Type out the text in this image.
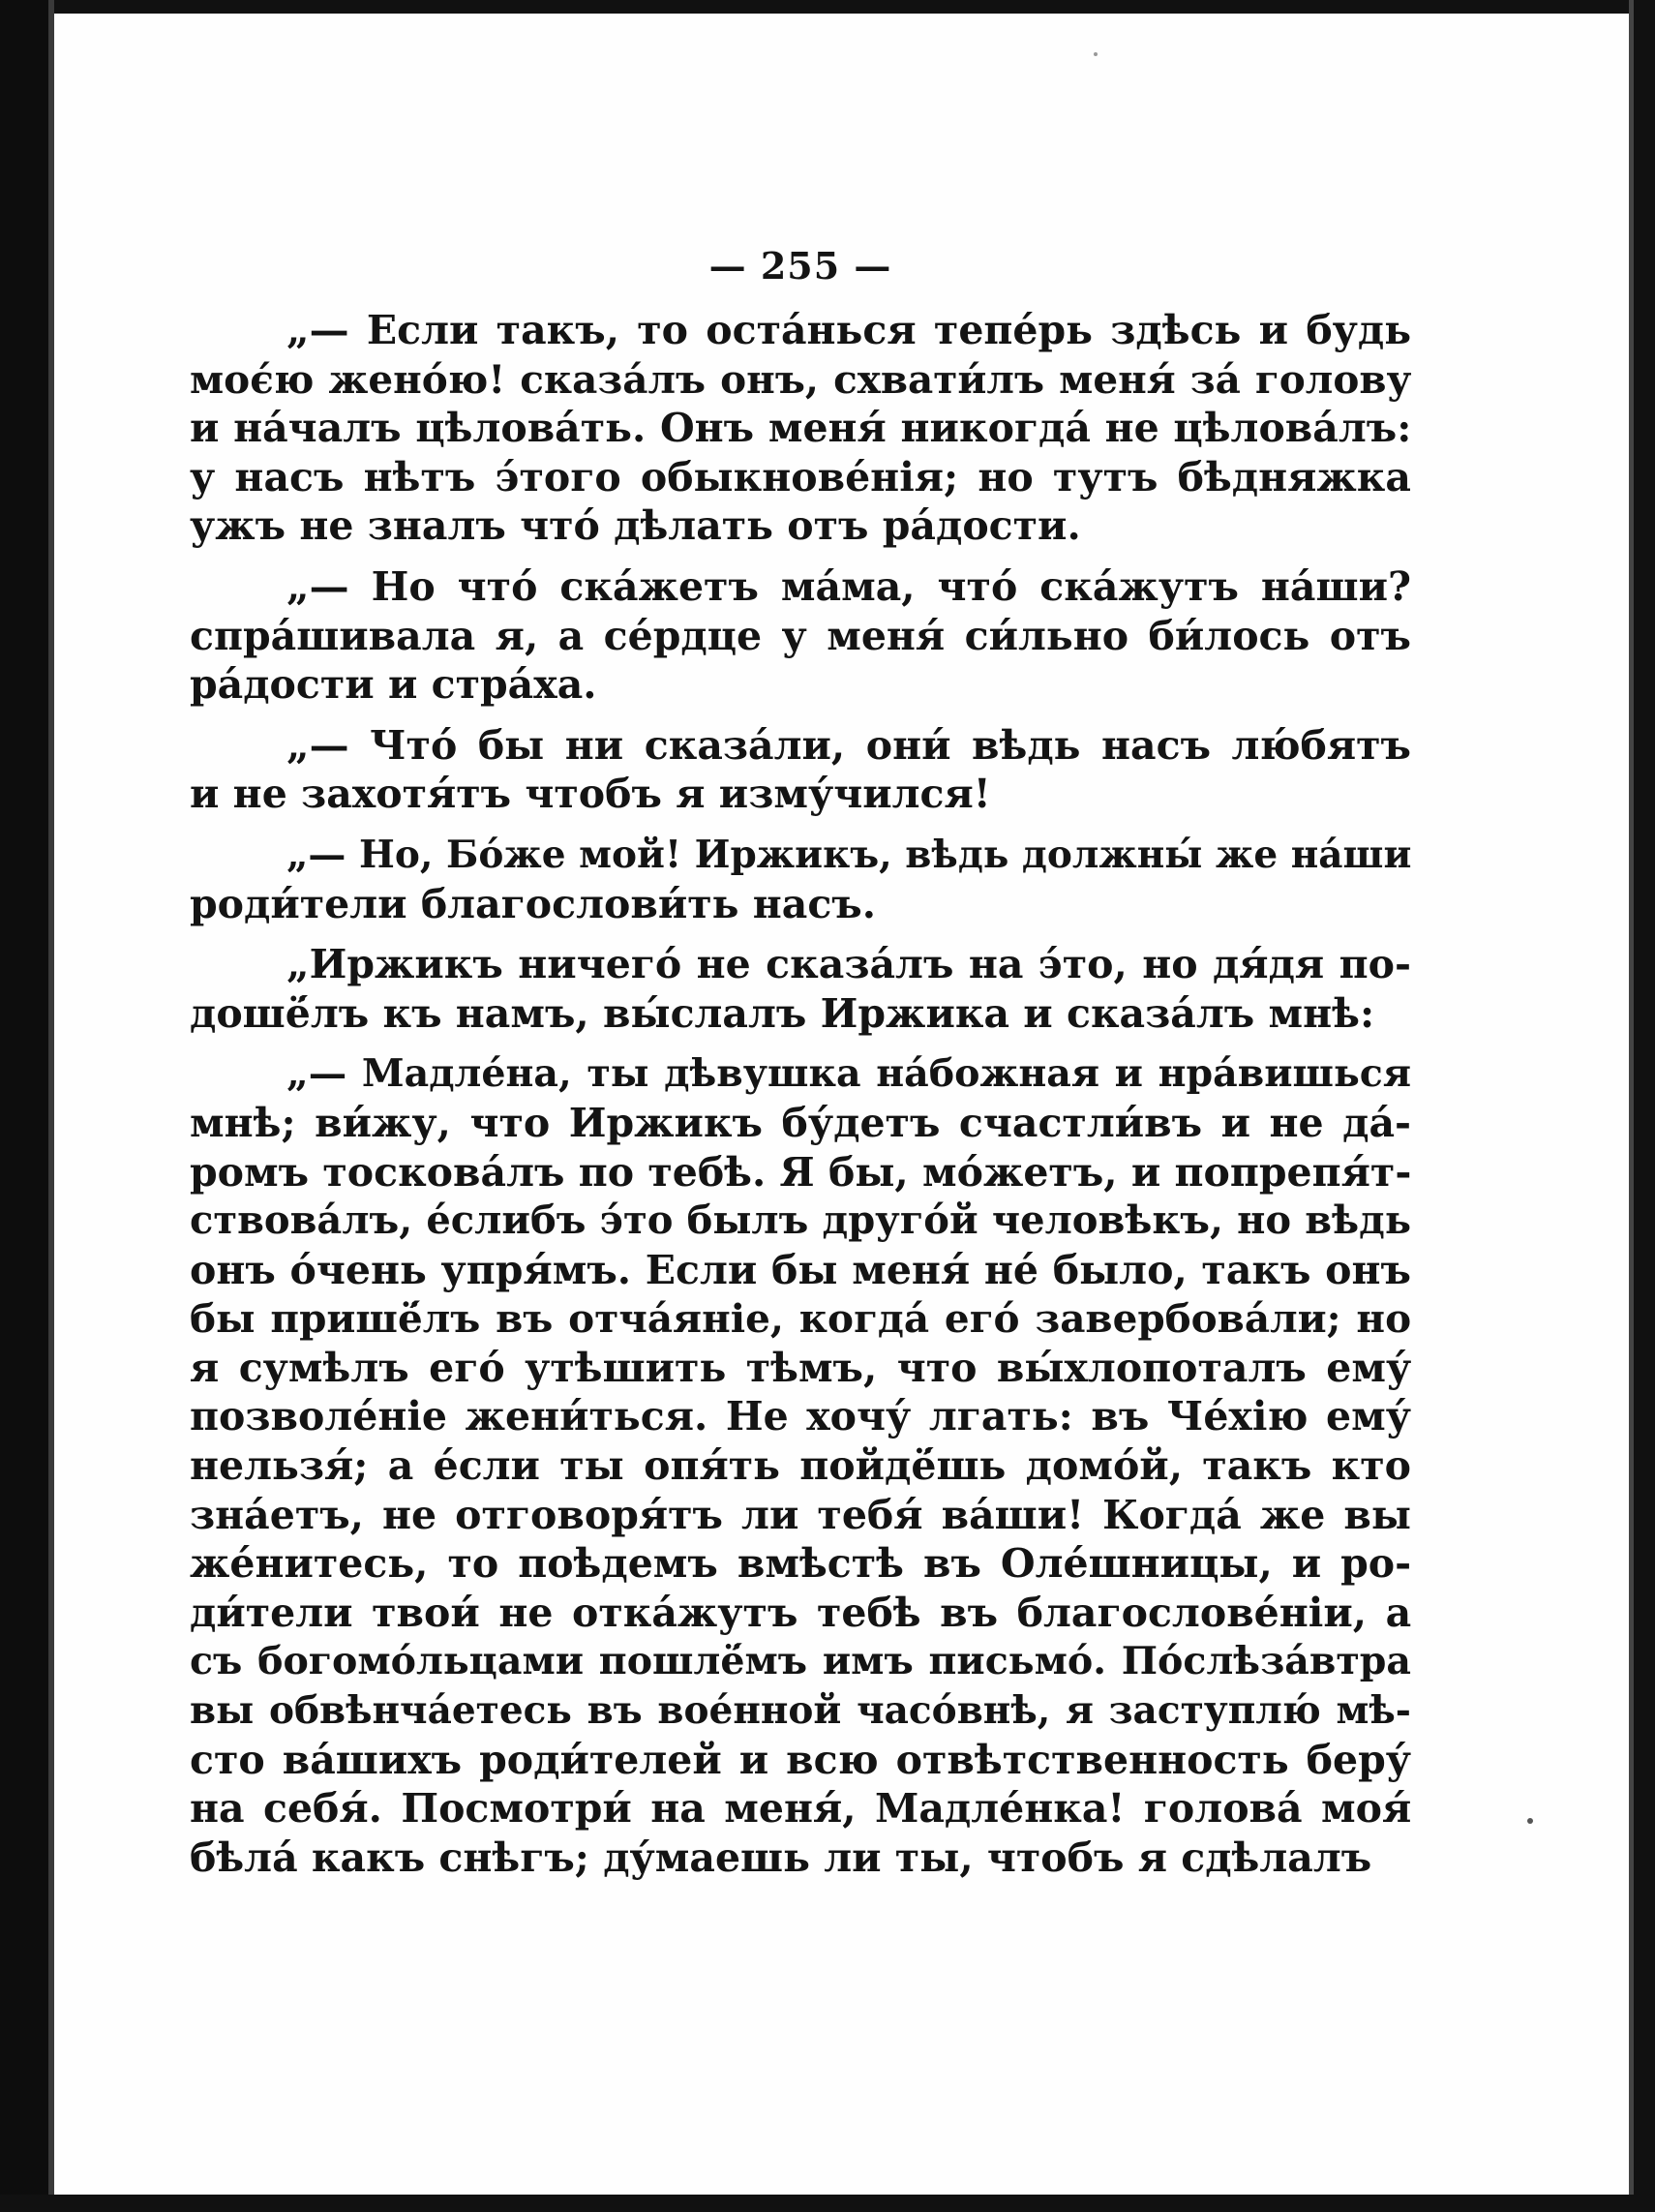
— 255 —
„— Если такъ, то оста́нься тепе́рь здѣсь и будь
моє́ю жено́ю! сказа́лъ онъ, схвати́лъ меня́ за́ голову
и на́чалъ цѣлова́ть. Онъ меня́ никогда́ не цѣлова́лъ:
у насъ нѣтъ э́того обыкнове́нія; но тутъ бѣдняжка
ужъ не зналъ что́ дѣлать отъ ра́дости.
„— Но что́ ска́жетъ ма́ма, что́ ска́жутъ на́ши?
спра́шивала я, а се́рдце у меня́ си́льно би́лось отъ
ра́дости и стра́ха.
„— Что́ бы ни сказа́ли, они́ вѣдь насъ лю́бятъ
и не захотя́тъ чтобъ я изму́чился!
„— Но, Бо́же мой! Иржикъ, вѣдь должны́ же на́ши
роди́тели благослови́ть насъ.
„Иржикъ ничего́ не сказа́лъ на э́то, но дя́дя по-
дошё́лъ къ намъ, вы́слалъ Иржика и сказа́лъ мнѣ:
„— Мадле́на, ты дѣвушка на́божная и нра́вишься
мнѣ; ви́жу, что Иржикъ бу́детъ счастли́въ и не да́-
ромъ тоскова́лъ по тебѣ. Я бы, мо́жетъ, и попрепя́т-
ствова́лъ, е́слибъ э́то былъ друго́й человѣкъ, но вѣдь
онъ о́чень упря́мъ. Если бы меня́ не́ было, такъ онъ
бы пришё́лъ въ отча́яніе, когда́ его́ завербова́ли; но
я сумѣлъ его́ утѣшить тѣмъ, что вы́хлопоталъ ему́
позволе́ніе жени́ться. Не хочу́ лгать: въ Че́хію ему́
нельзя́; а е́сли ты опя́ть пойдё́шь домо́й, такъ кто
зна́етъ, не отговоря́тъ ли тебя́ ва́ши! Когда́ же вы
же́нитесь, то поѣдемъ вмѣстѣ въ Оле́шницы, и ро-
ди́тели твои́ не отка́жутъ тебѣ въ благослове́ніи, а
съ богомо́льцами пошлё́мъ имъ письмо́. По́слѣза́втра
вы обвѣнча́етесь въ вое́нной часо́внѣ, я заступлю́ мѣ-
сто ва́шихъ роди́телей и всю отвѣтственность беру́
на себя́. Посмотри́ на меня́, Мадле́нка! голова́ моя́
бѣла́ какъ снѣгъ; ду́маешь ли ты, чтобъ я сдѣлалъ
